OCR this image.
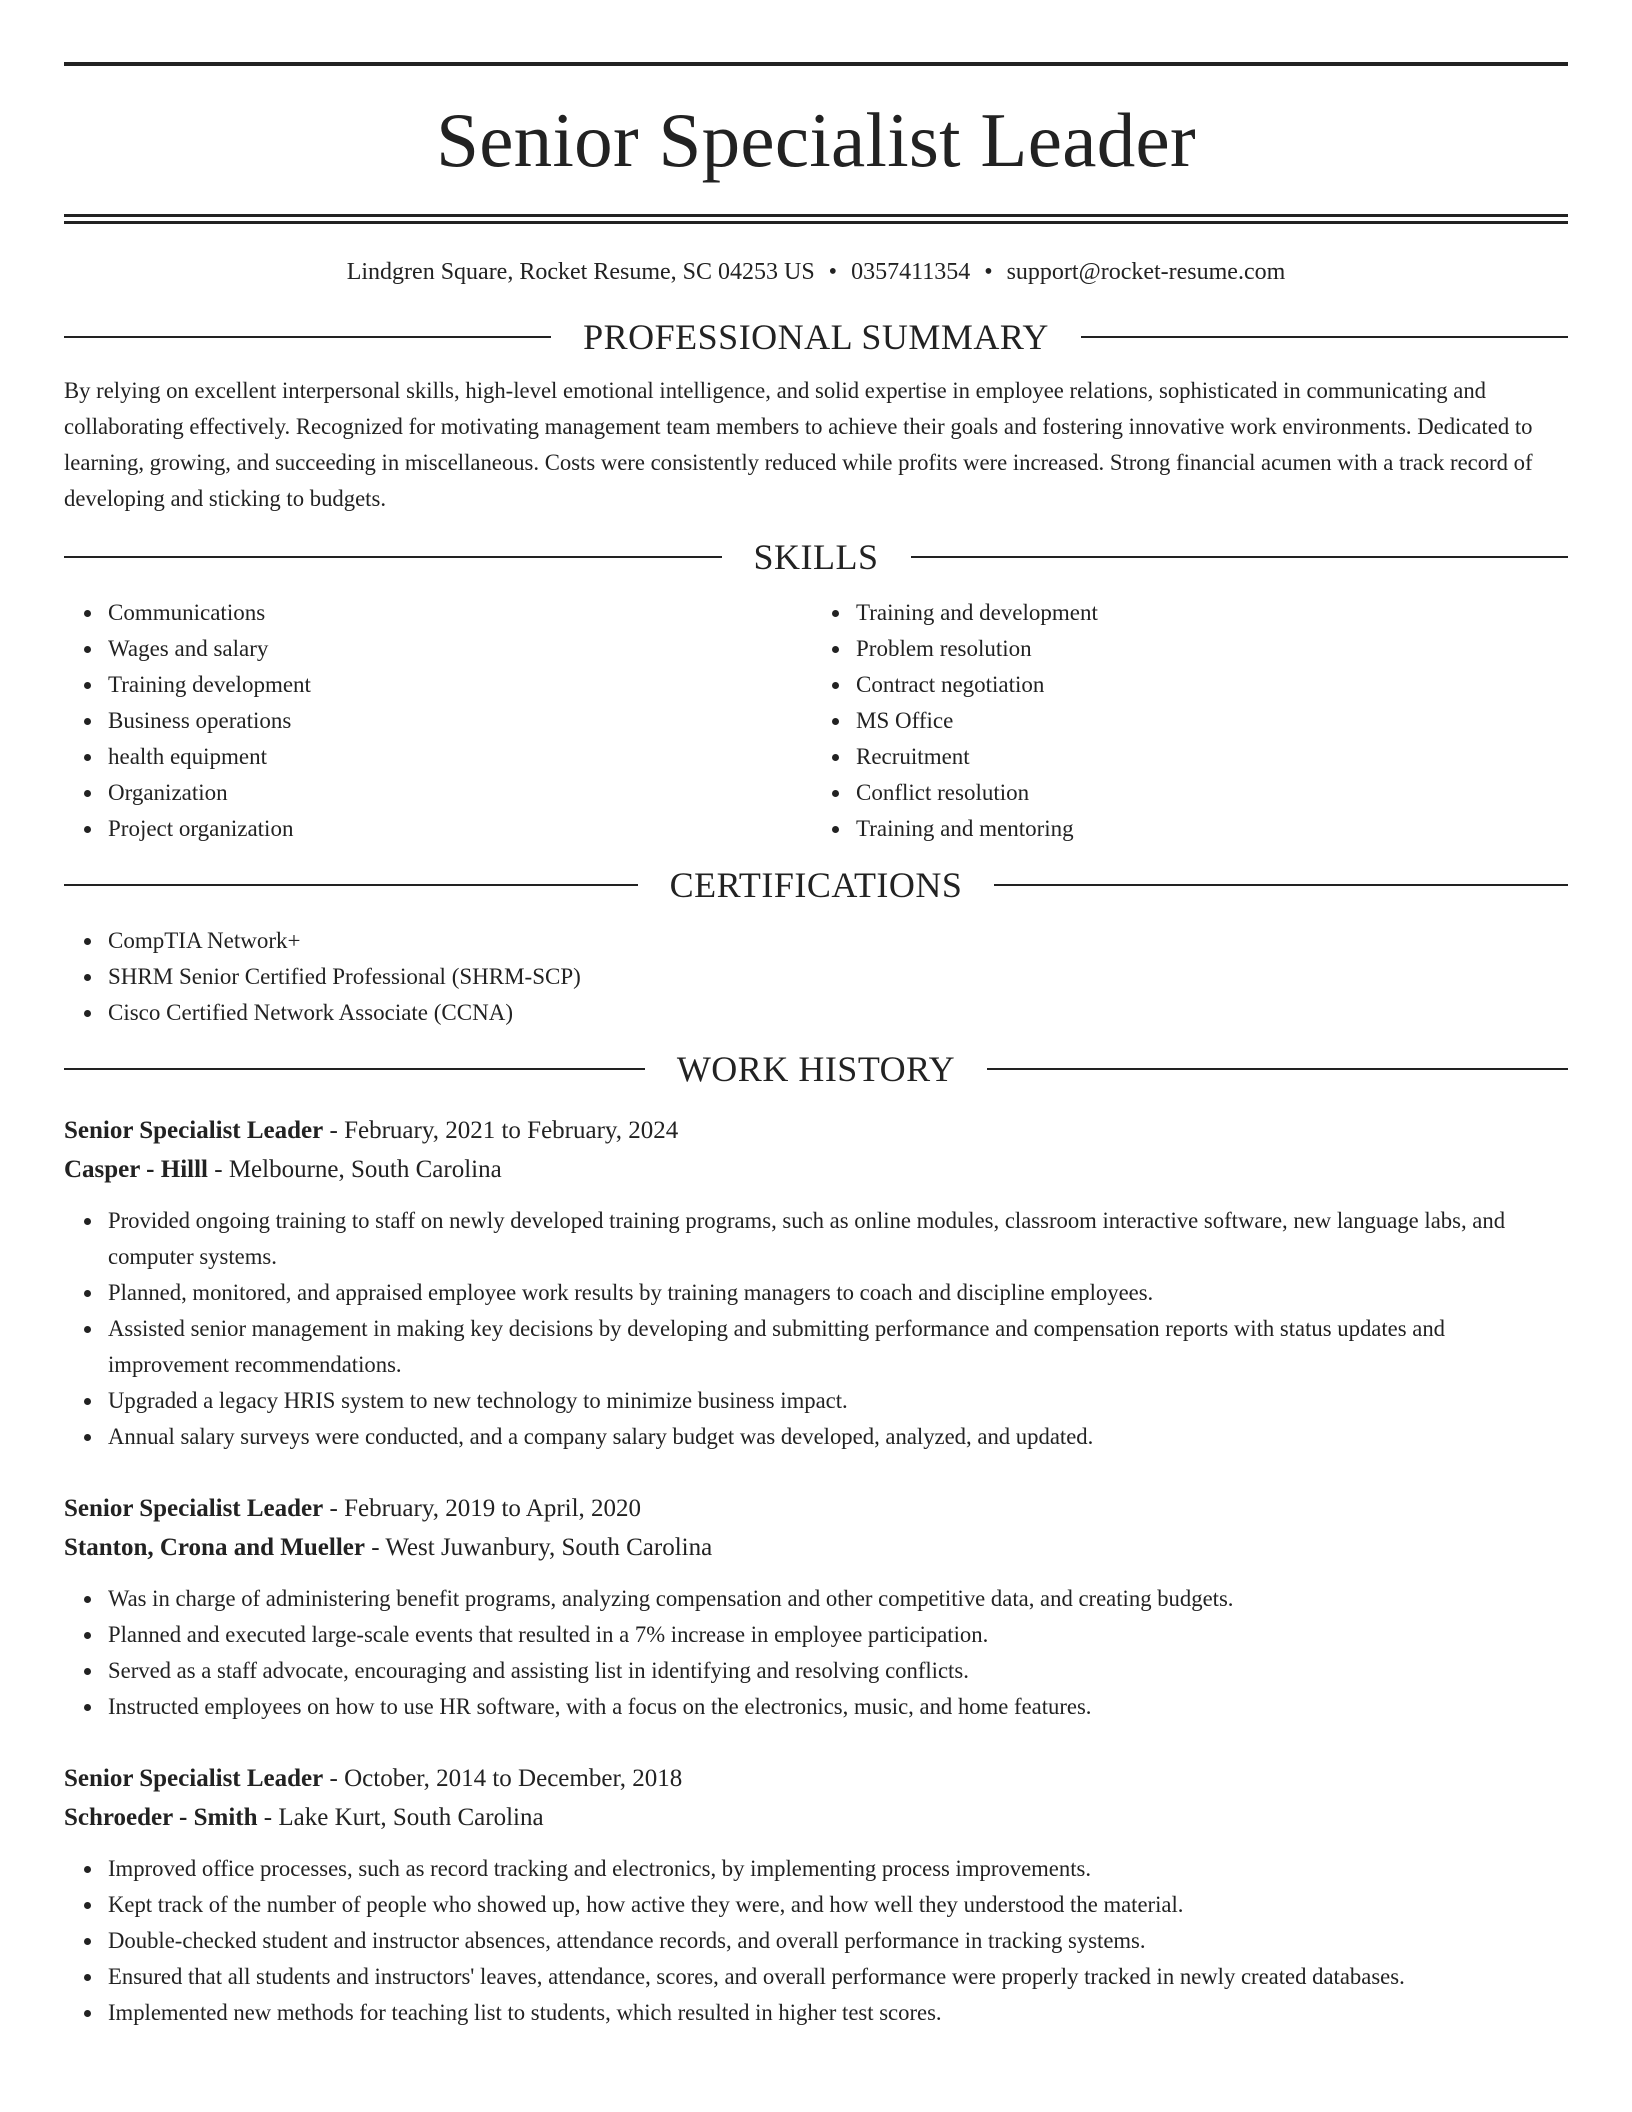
Senior Specialist Leader
Lindgren Square, Rocket Resume, SC 04253 US • 0357411354 • support@rocket-resume.com
PROFESSIONAL SUMMARY
By relying on excellent interpersonal skills, high-level emotional intelligence, and solid expertise in employee relations, sophisticated in communicating and collaborating effectively. Recognized for motivating management team members to achieve their goals and fostering innovative work environments. Dedicated to learning, growing, and succeeding in miscellaneous. Costs were consistently reduced while profits were increased. Strong financial acumen with a track record of developing and sticking to budgets.
SKILLS
Communications
Wages and salary
Training development
Business operations
health equipment
Organization
Project organization
Training and development
Problem resolution
Contract negotiation
MS Office
Recruitment
Conflict resolution
Training and mentoring
CERTIFICATIONS
CompTIA Network+
SHRM Senior Certified Professional (SHRM-SCP)
Cisco Certified Network Associate (CCNA)
WORK HISTORY
Senior Specialist Leader - February, 2021 to February, 2024
Casper - Hilll - Melbourne, South Carolina
Provided ongoing training to staff on newly developed training programs, such as online modules, classroom interactive software, new language labs, and computer systems.
Planned, monitored, and appraised employee work results by training managers to coach and discipline employees.
Assisted senior management in making key decisions by developing and submitting performance and compensation reports with status updates and improvement recommendations.
Upgraded a legacy HRIS system to new technology to minimize business impact.
Annual salary surveys were conducted, and a company salary budget was developed, analyzed, and updated.
Senior Specialist Leader - February, 2019 to April, 2020
Stanton, Crona and Mueller - West Juwanbury, South Carolina
Was in charge of administering benefit programs, analyzing compensation and other competitive data, and creating budgets.
Planned and executed large-scale events that resulted in a 7% increase in employee participation.
Served as a staff advocate, encouraging and assisting list in identifying and resolving conflicts.
Instructed employees on how to use HR software, with a focus on the electronics, music, and home features.
Senior Specialist Leader - October, 2014 to December, 2018
Schroeder - Smith - Lake Kurt, South Carolina
Improved office processes, such as record tracking and electronics, by implementing process improvements.
Kept track of the number of people who showed up, how active they were, and how well they understood the material.
Double-checked student and instructor absences, attendance records, and overall performance in tracking systems.
Ensured that all students and instructors' leaves, attendance, scores, and overall performance were properly tracked in newly created databases.
Implemented new methods for teaching list to students, which resulted in higher test scores.
